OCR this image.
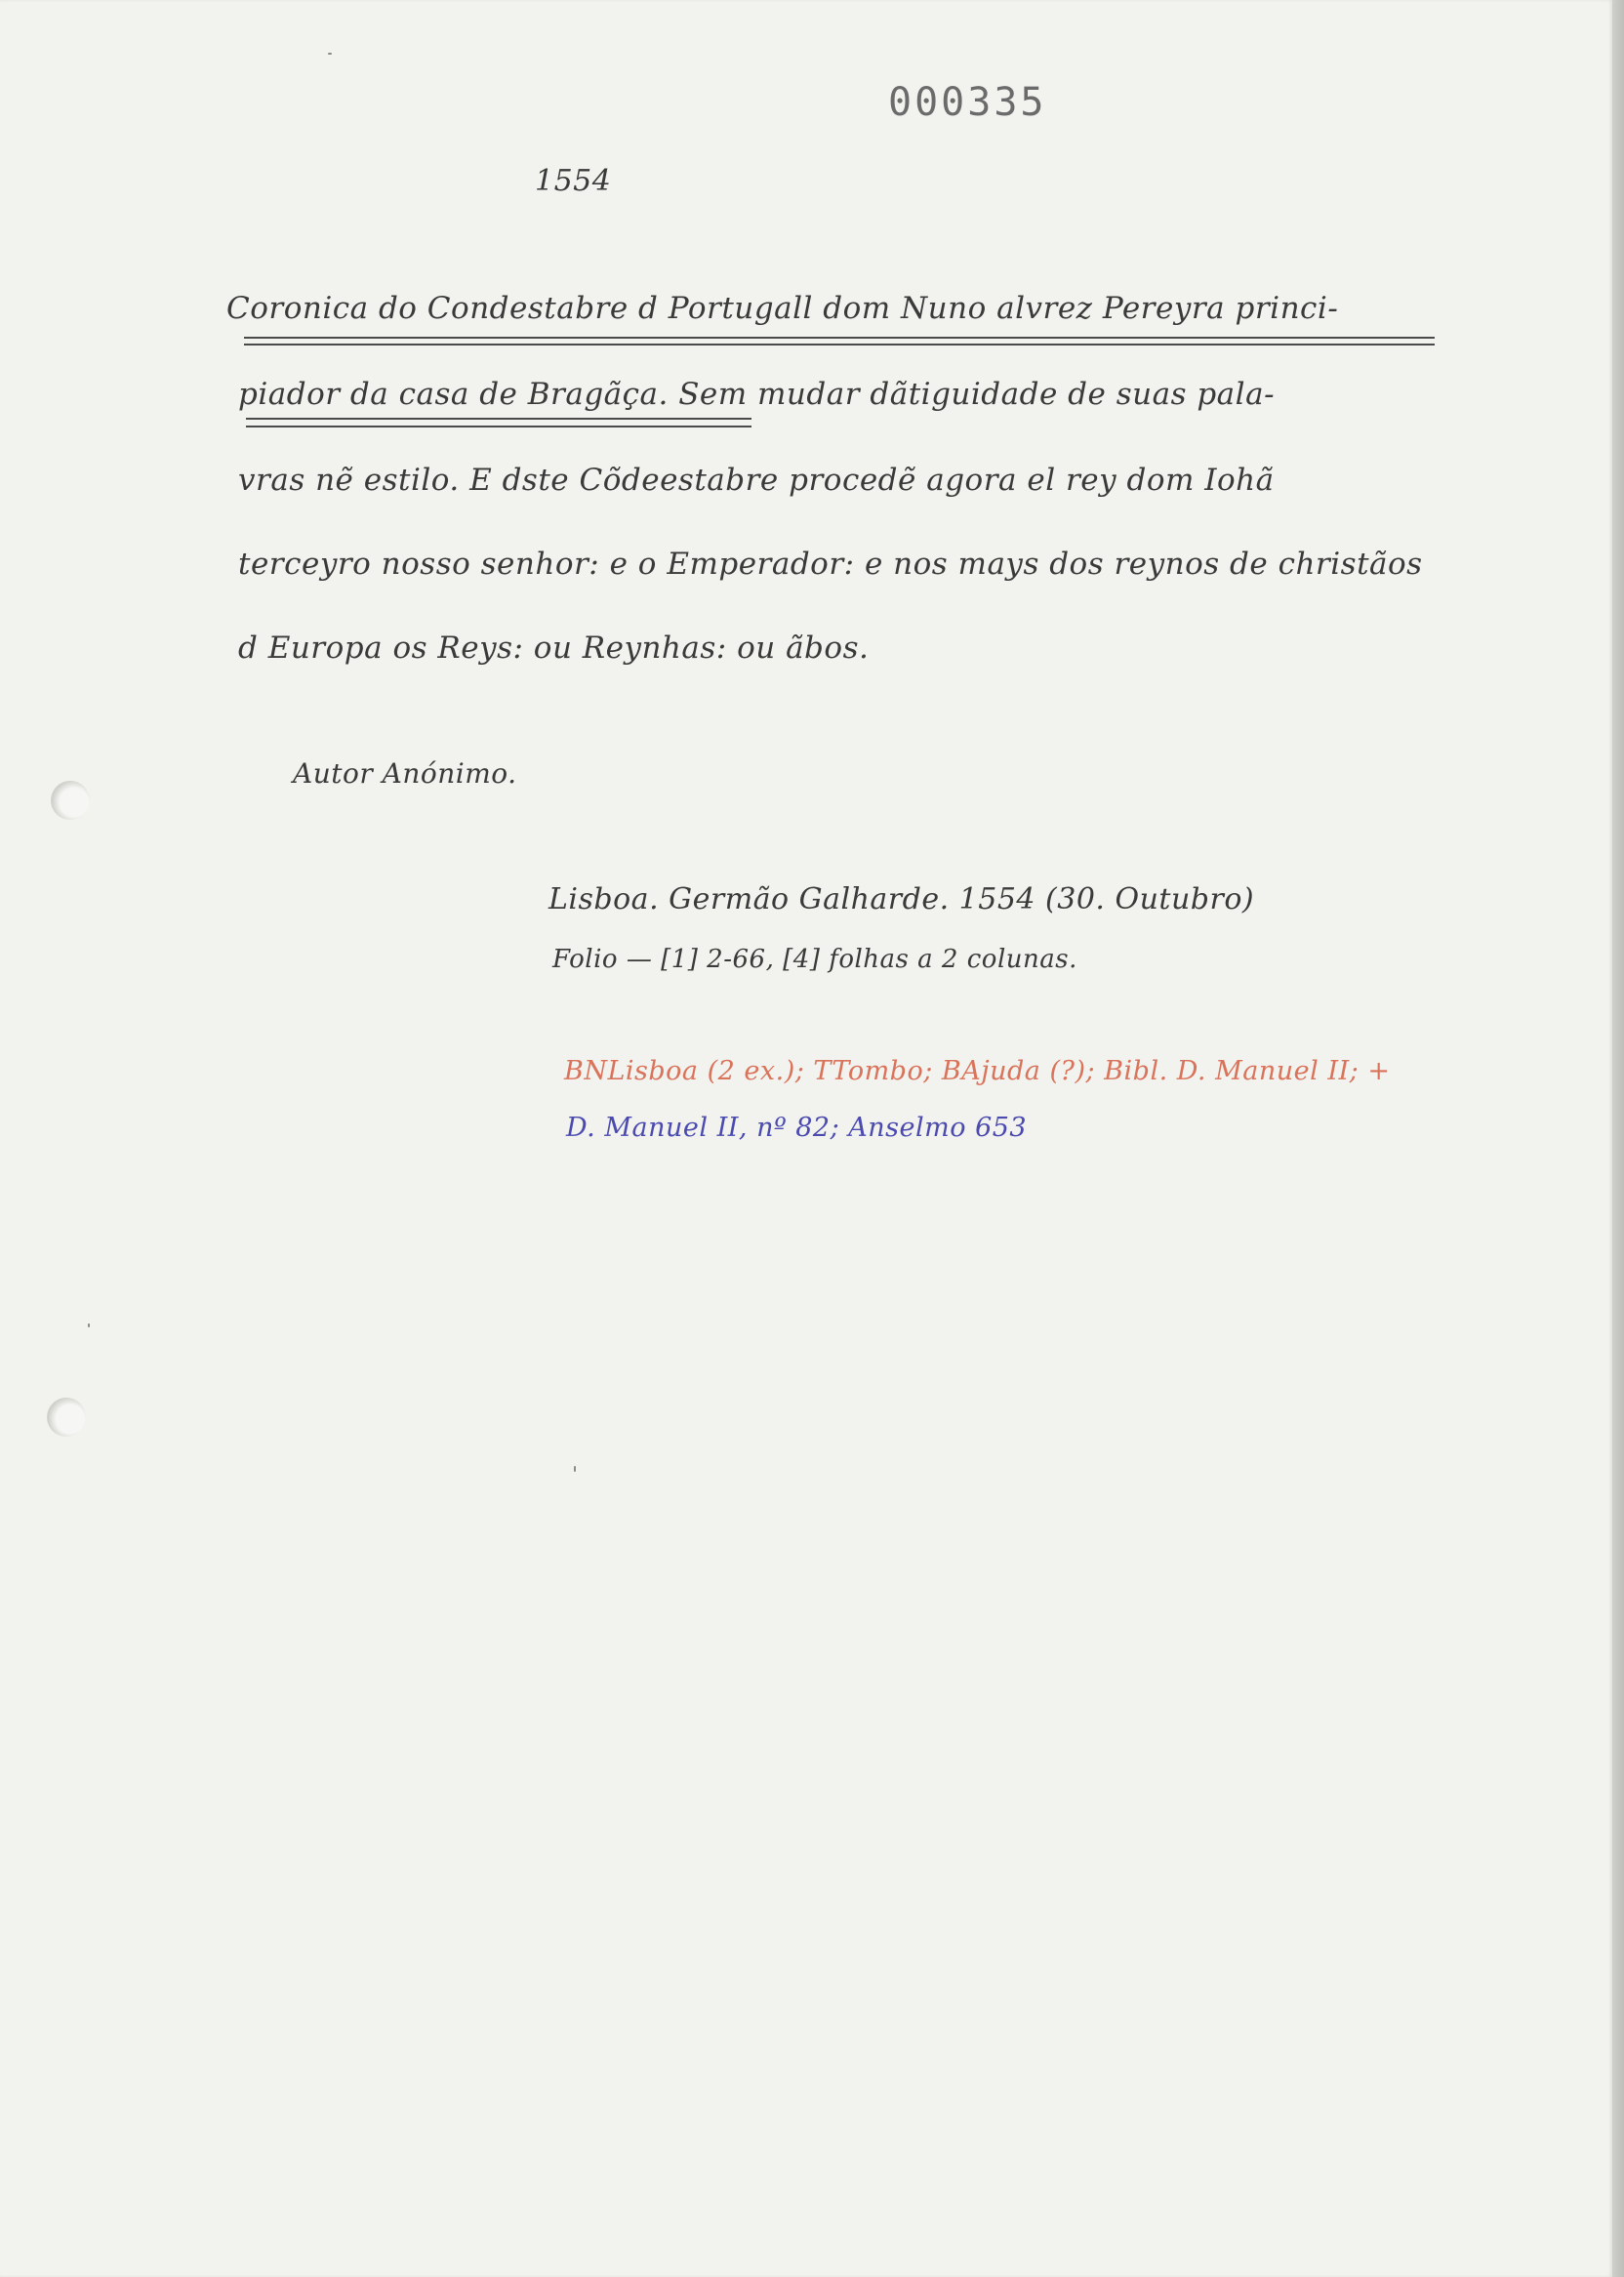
000335

1554

Coronica do Condestabre d Portugall dom Nuno alvrez Pereyra princi-

piador da casa de Bragãça. Sem mudar dãtiguidade de suas pala-

vras nẽ estilo. E dste Cõdeestabre procedẽ agora el rey dom Iohã

terceyro nosso senhor: e o Emperador: e nos mays dos reynos de christãos

d Europa os Reys: ou Reynhas: ou ãbos.

Autor Anónimo.

Lisboa. Germão Galharde. 1554 (30. Outubro)

Folio — [1] 2-66, [4] folhas a 2 colunas.

BNLisboa (2 ex.); TTombo; BAjuda (?); Bibl. D. Manuel II; +

D. Manuel II, nº 82; Anselmo 653
